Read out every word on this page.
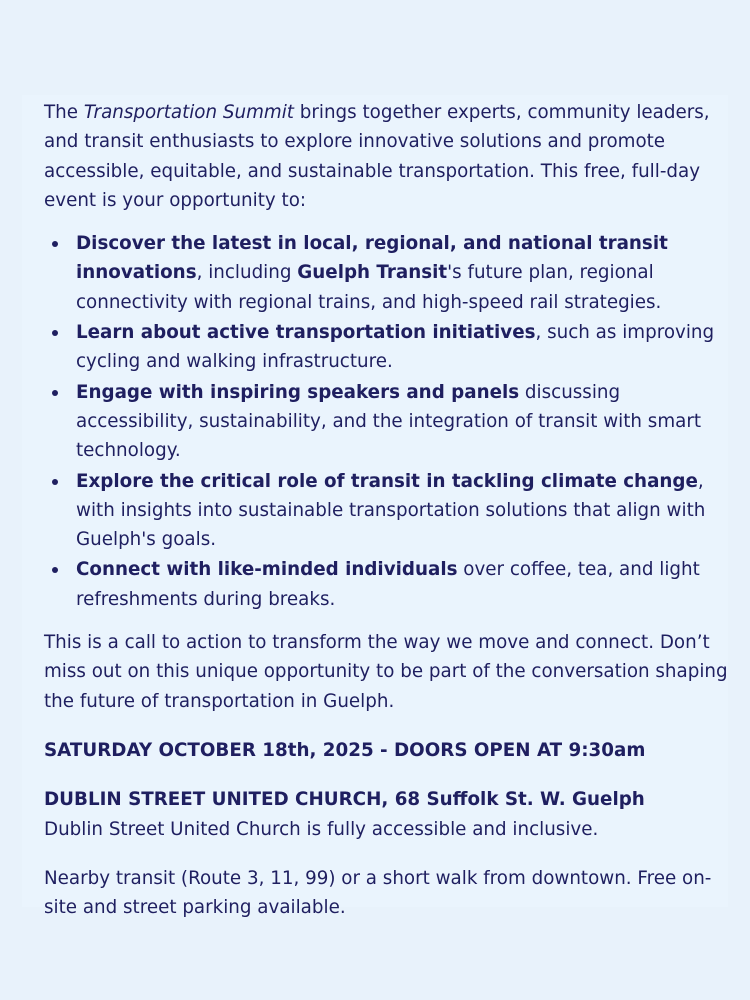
The Transportation Summit brings together experts, community leaders, and transit enthusiasts to explore innovative solutions and promote accessible, equitable, and sustainable transportation. This free, full-day event is your opportunity to:

Discover the latest in local, regional, and national transit innovations, including Guelph Transit's future plan, regional connectivity with regional trains, and high-speed rail strategies.
Learn about active transportation initiatives, such as improving cycling and walking infrastructure.
Engage with inspiring speakers and panels discussing accessibility, sustainability, and the integration of transit with smart technology.
Explore the critical role of transit in tackling climate change, with insights into sustainable transportation solutions that align with Guelph's goals.
Connect with like-minded individuals over coffee, tea, and light refreshments during breaks.

This is a call to action to transform the way we move and connect. Don’t miss out on this unique opportunity to be part of the conversation shaping the future of transportation in Guelph.

SATURDAY OCTOBER 18th, 2025 - DOORS OPEN AT 9:30am

DUBLIN STREET UNITED CHURCH, 68 Suffolk St. W. Guelph

Dublin Street United Church is fully accessible and inclusive.

Nearby transit (Route 3, 11, 99) or a short walk from downtown. Free on-site and street parking available.
